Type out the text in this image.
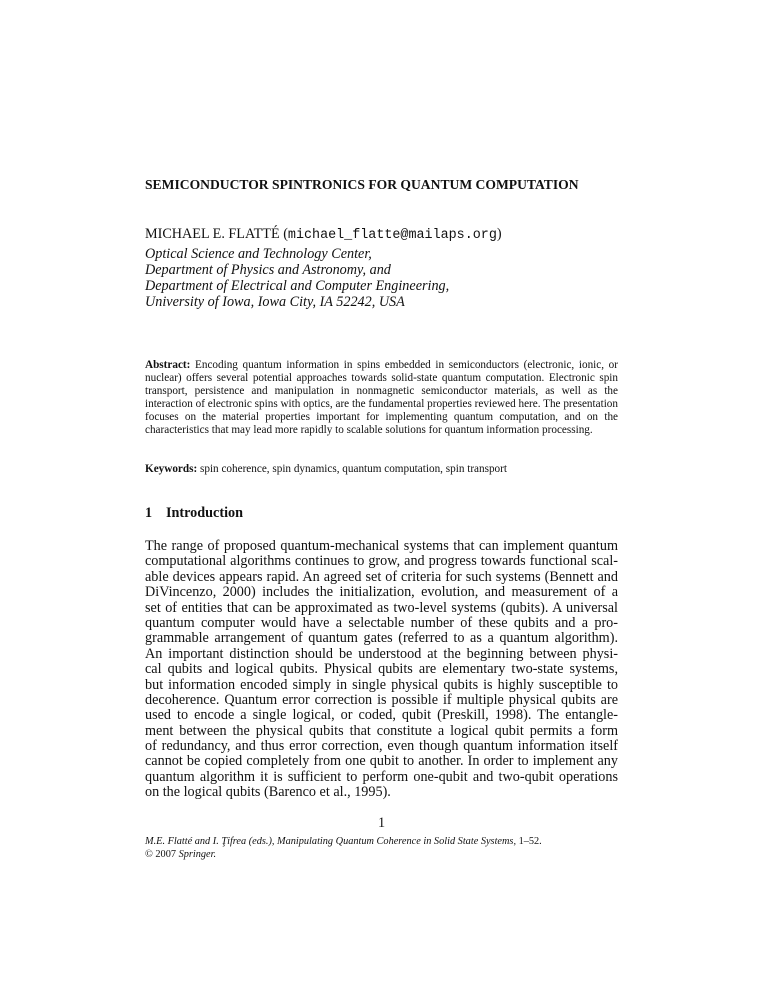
SEMICONDUCTOR SPINTRONICS FOR QUANTUM COMPUTATION
MICHAEL E. FLATTÉ (michael_flatte@mailaps.org)
Optical Science and Technology Center,
Department of Physics and Astronomy, and
Department of Electrical and Computer Engineering,
University of Iowa, Iowa City, IA 52242, USA
Abstract: Encoding quantum information in spins embedded in semiconductors (electronic, ionic, or nuclear) offers several potential approaches towards solid-state quantum computation. Electronic spin transport, persistence and manipulation in nonmagnetic semiconductor materials, as well as the interaction of electronic spins with optics, are the fundamental properties reviewed here. The presentation focuses on the material properties important for implementing quantum computation, and on the characteristics that may lead more rapidly to scalable solutions for quantum information processing.
Keywords: spin coherence, spin dynamics, quantum computation, spin transport
1 Introduction
The range of proposed quantum-mechanical systems that can implement quantum
computational algorithms continues to grow, and progress towards functional scal-
able devices appears rapid. An agreed set of criteria for such systems (Bennett and
DiVincenzo, 2000) includes the initialization, evolution, and measurement of a
set of entities that can be approximated as two-level systems (qubits). A universal
quantum computer would have a selectable number of these qubits and a pro-
grammable arrangement of quantum gates (referred to as a quantum algorithm).
An important distinction should be understood at the beginning between physi-
cal qubits and logical qubits. Physical qubits are elementary two-state systems,
but information encoded simply in single physical qubits is highly susceptible to
decoherence. Quantum error correction is possible if multiple physical qubits are
used to encode a single logical, or coded, qubit (Preskill, 1998). The entangle-
ment between the physical qubits that constitute a logical qubit permits a form
of redundancy, and thus error correction, even though quantum information itself
cannot be copied completely from one qubit to another. In order to implement any
quantum algorithm it is sufficient to perform one-qubit and two-qubit operations
on the logical qubits (Barenco et al., 1995).
1
M.E. Flatté and I. Ţifrea (eds.), Manipulating Quantum Coherence in Solid State Systems, 1–52.
© 2007 Springer.
